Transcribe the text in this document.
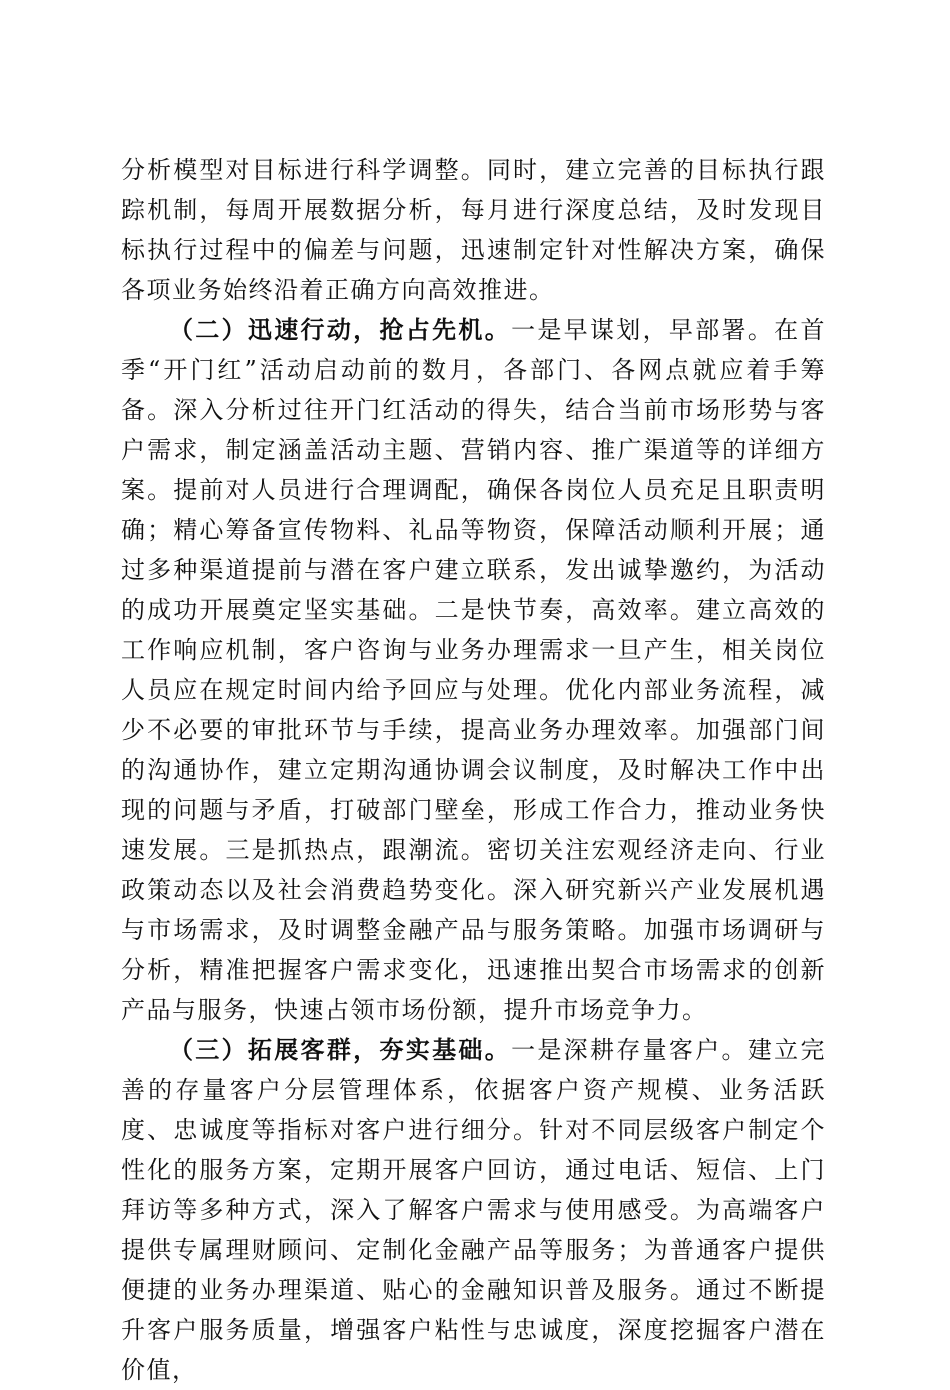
分析模型对目标进行科学调整。同时，建立完善的目标执行跟踪机制，每周开展数据分析，每月进行深度总结，及时发现目标执行过程中的偏差与问题，迅速制定针对性解决方案，确保各项业务始终沿着正确方向高效推进。

（二）迅速行动，抢占先机。一是早谋划，早部署。在首季“开门红”活动启动前的数月，各部门、各网点就应着手筹备。深入分析过往开门红活动的得失，结合当前市场形势与客户需求，制定涵盖活动主题、营销内容、推广渠道等的详细方案。提前对人员进行合理调配，确保各岗位人员充足且职责明确；精心筹备宣传物料、礼品等物资，保障活动顺利开展；通过多种渠道提前与潜在客户建立联系，发出诚挚邀约，为活动的成功开展奠定坚实基础。二是快节奏，高效率。建立高效的工作响应机制，客户咨询与业务办理需求一旦产生，相关岗位人员应在规定时间内给予回应与处理。优化内部业务流程，减少不必要的审批环节与手续，提高业务办理效率。加强部门间的沟通协作，建立定期沟通协调会议制度，及时解决工作中出现的问题与矛盾，打破部门壁垒，形成工作合力，推动业务快速发展。三是抓热点，跟潮流。密切关注宏观经济走向、行业政策动态以及社会消费趋势变化。深入研究新兴产业发展机遇与市场需求，及时调整金融产品与服务策略。加强市场调研与分析，精准把握客户需求变化，迅速推出契合市场需求的创新产品与服务，快速占领市场份额，提升市场竞争力。

（三）拓展客群，夯实基础。一是深耕存量客户。建立完善的存量客户分层管理体系，依据客户资产规模、业务活跃度、忠诚度等指标对客户进行细分。针对不同层级客户制定个性化的服务方案，定期开展客户回访，通过电话、短信、上门拜访等多种方式，深入了解客户需求与使用感受。为高端客户提供专属理财顾问、定制化金融产品等服务；为普通客户提供便捷的业务办理渠道、贴心的金融知识普及服务。通过不断提升客户服务质量，增强客户粘性与忠诚度，深度挖掘客户潜在价值，
